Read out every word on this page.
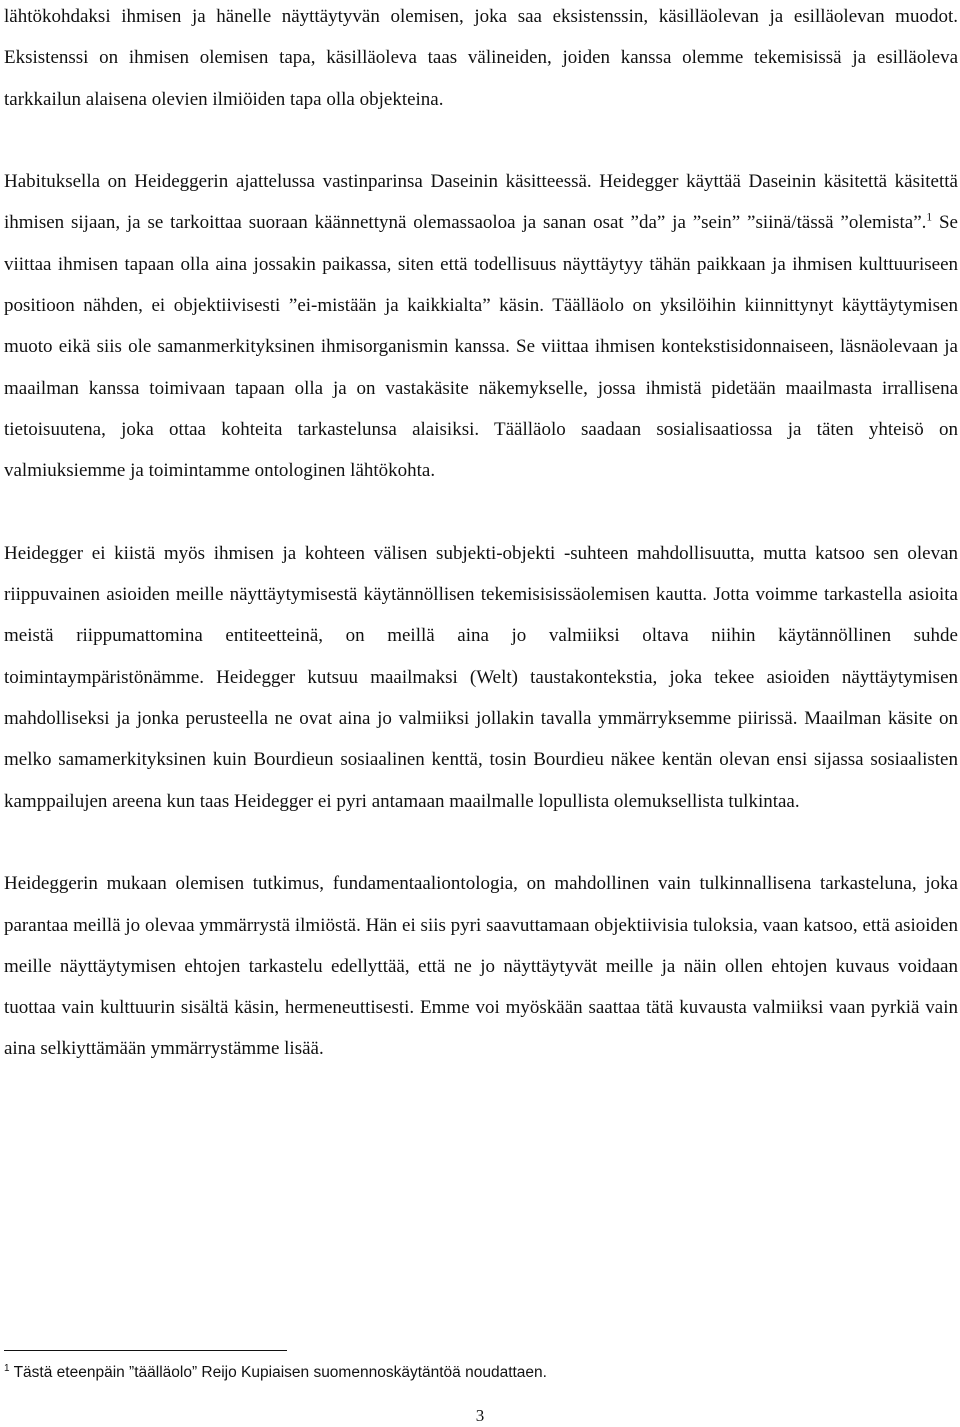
lähtökohdaksi ihmisen ja hänelle näyttäytyvän olemisen, joka saa eksistenssin, käsilläolevan ja esilläolevan muodot. Eksistenssi on ihmisen olemisen tapa, käsilläoleva taas välineiden, joiden kanssa olemme tekemisissä ja esilläoleva tarkkailun alaisena olevien ilmiöiden tapa olla objekteina.

Habituksella on Heideggerin ajattelussa vastinparinsa Daseinin käsitteessä. Heidegger käyttää Daseinin käsitettä käsitettä ihmisen sijaan, ja se tarkoittaa suoraan käännettynä olemassaoloa ja sanan osat ”da” ja ”sein” ”siinä/tässä ”olemista”.$^1$ Se viittaa ihmisen tapaan olla aina jossakin paikassa, siten että todellisuus näyttäytyy tähän paikkaan ja ihmisen kulttuuriseen positioon nähden, ei objektiivisesti ”ei-mistään ja kaikkialta” käsin. Täälläolo on yksilöihin kiinnittynyt käyttäytymisen muoto eikä siis ole samanmerkityksinen ihmisorganismin kanssa. Se viittaa ihmisen kontekstisidonnaiseen, läsnäolevaan ja maailman kanssa toimivaan tapaan olla ja on vastakäsite näkemykselle, jossa ihmistä pidetään maailmasta irrallisena tietoisuutena, joka ottaa kohteita tarkastelunsa alaisiksi. Täälläolo saadaan sosialisaatiossa ja täten yhteisö on valmiuksiemme ja toimintamme ontologinen lähtökohta.

Heidegger ei kiistä myös ihmisen ja kohteen välisen subjekti-objekti -suhteen mahdollisuutta, mutta katsoo sen olevan riippuvainen asioiden meille näyttäytymisestä käytännöllisen tekemisisissäolemisen kautta. Jotta voimme tarkastella asioita meistä riippumattomina entiteetteinä, on meillä aina jo valmiiksi oltava niihin käytännöllinen suhde toimintaympäristönämme. Heidegger kutsuu maailmaksi (Welt) taustakontekstia, joka tekee asioiden näyttäytymisen mahdolliseksi ja jonka perusteella ne ovat aina jo valmiiksi jollakin tavalla ymmärryksemme piirissä. Maailman käsite on melko samamerkityksinen kuin Bourdieun sosiaalinen kenttä, tosin Bourdieu näkee kentän olevan ensi sijassa sosiaalisten kamppailujen areena kun taas Heidegger ei pyri antamaan maailmalle lopullista olemuksellista tulkintaa.

Heideggerin mukaan olemisen tutkimus, fundamentaaliontologia, on mahdollinen vain tulkinnallisena tarkasteluna, joka parantaa meillä jo olevaa ymmärrystä ilmiöstä. Hän ei siis pyri saavuttamaan objektiivisia tuloksia, vaan katsoo, että asioiden meille näyttäytymisen ehtojen tarkastelu edellyttää, että ne jo näyttäytyvät meille ja näin ollen ehtojen kuvaus voidaan tuottaa vain kulttuurin sisältä käsin, hermeneuttisesti. Emme voi myöskään saattaa tätä kuvausta valmiiksi vaan pyrkiä vain aina selkiyttämään ymmärrystämme lisää.

$^1$ Tästä eteenpäin ”täälläolo” Reijo Kupiaisen suomennoskäytäntöä noudattaen.
3
